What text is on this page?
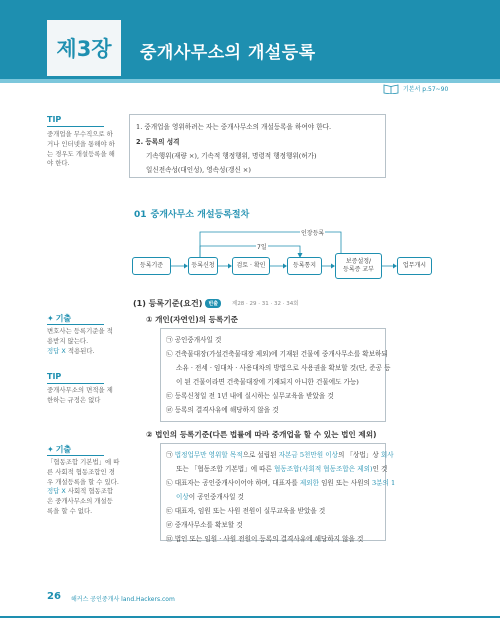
제3장	중개사무소의 개설등록
기본서 p.57~90
TIP
중개업을 무수직으로 하
거나 인터넷을 통해야 하
는 경우도 개설등록을 해
야 한다.
✦ 기출
변호사는 등록기준을 적
용받지 않는다.
정답 X 적용된다.
TIP
중개사무소의 면적을 제
한하는 규정은 없다
✦ 기출
「협동조합 기본법」에 따
른 사회적 협동조합인 경
우 개설등록을 할 수 있다.
정답 X 사회적 협동조합
은 중개사무소의 개설등
록을 할 수 없다.
1. 중개업을 영위하려는 자는 중개사무소의 개설등록을 하여야 한다.
2. 등록의 성격
기속행위(재량 ×), 기속적 행정행위, 명령적 행정행위(허가)
일신전속성(대인성), 영속성(갱신 ×)
01 중개사무소 개설등록절차
인장등록
7일
등록기준	등록신청	검토 · 확인	등록통지
보증설정/
등록증 교부
업무개시
(1) 등록기준(요건) 빈출	제28 · 29 · 31 · 32 · 34회
① 개인(자연인)의 등록기준
㉠ 공인중개사일 것
㉡ 건축물대장(가설건축물대장 제외)에 기재된 건물에 중개사무소를 확보하되
소유 · 전세 · 임대차 · 사용대차의 방법으로 사용권을 확보할 것(단, 준공 등
이 된 건물이라면 건축물대장에 기재되지 아니한 건물에도 가능)
㉢ 등록신청일 전 1년 내에 실시하는 실무교육을 받았을 것
㉣ 등록의 결격사유에 해당하지 않을 것
② 법인의 등록기준(다른 법률에 따라 중개업을 할 수 있는 법인 제외)
㉠ 법정업무만 영위할 목적으로 설립된 자본금 5천만원 이상의 「상법」상 회사
또는 「협동조합 기본법」에 따른 협동조합(사회적 협동조합은 제외)인 것
㉡ 대표자는 공인중개사이어야 하며, 대표자를 제외한 임원 또는 사원의 3분의 1
이상이 공인중개사일 것
㉢ 대표자, 임원 또는 사원 전원이 실무교육을 받았을 것
㉣ 중개사무소를 확보할 것
㉤ 법인 또는 임원 · 사원 전원이 등록의 결격사유에 해당하지 않을 것
26 해커스 공인중개사 land.Hackers.com
